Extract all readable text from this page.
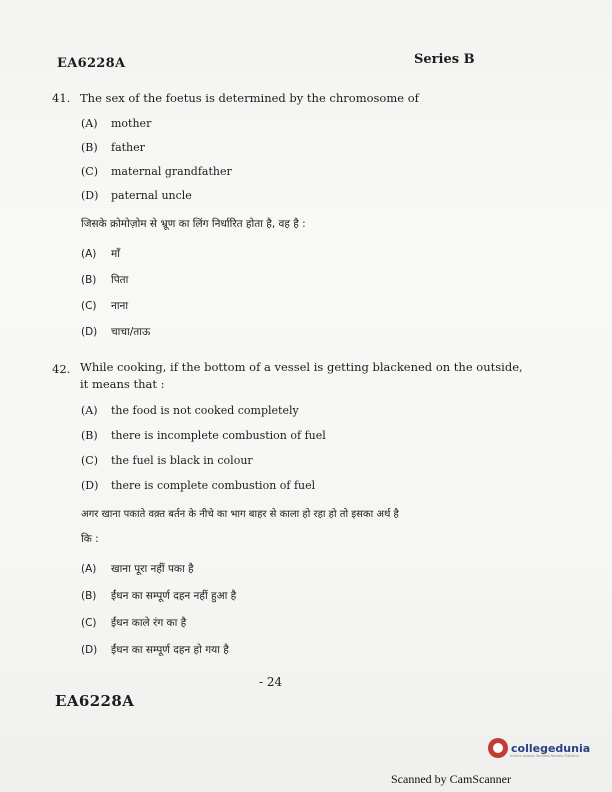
EA6228A	Series B
41. The sex of the foetus is determined by the chromosome of
(A) mother
(B) father
(C) maternal grandfather
(D) paternal uncle
जिसके क्रोमोज़ोम से भ्रूण का लिंग निर्धारित होता है, वह है :
(A) माँ
(B) पिता
(C) नाना
(D) चाचा/ताऊ
42. While cooking, if the bottom of a vessel is getting blackened on the outside,
it means that :
(A) the food is not cooked completely
(B) there is incomplete combustion of fuel
(C) the fuel is black in colour
(D) there is complete combustion of fuel
अगर खाना पकाते वक़्त बर्तन के नीचे का भाग बाहर से काला हो रहा हो तो इसका अर्थ है
कि :
(A) खाना पूरा नहीं पका है
(B) ईंधन का सम्पूर्ण दहन नहीं हुआ है
(C) ईंधन काले रंग का है
(D) ईंधन का सम्पूर्ण दहन हो गया है
- 24
EA6228A
collegedunia
India's largest Student Review Platform
Scanned by CamScanner
